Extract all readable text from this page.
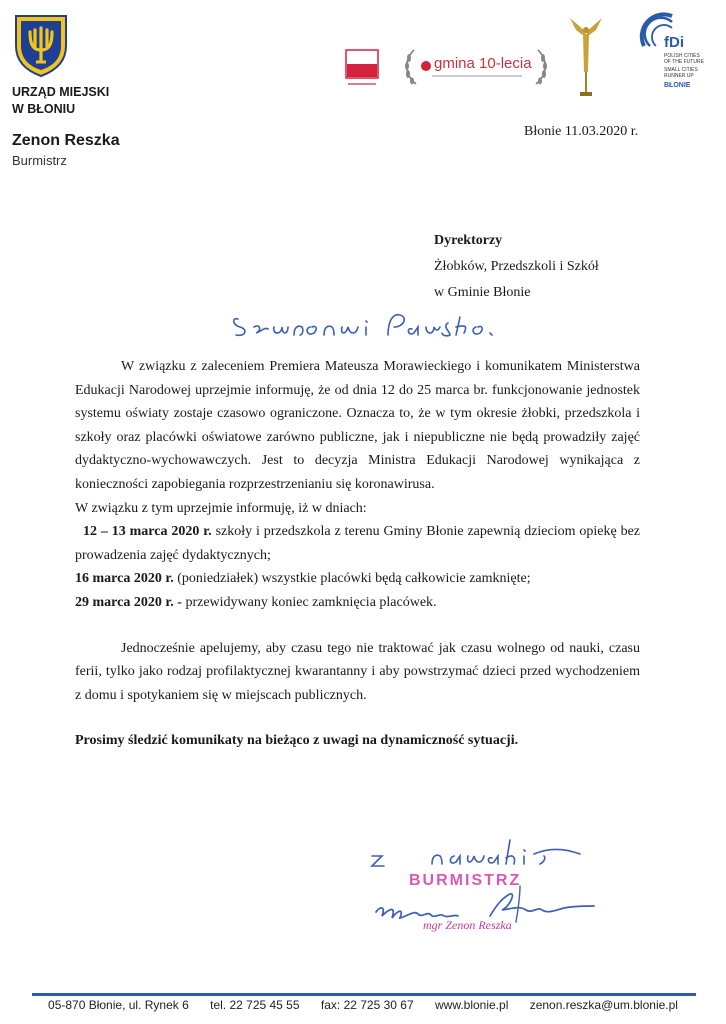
URZĄD MIEJSKI
W BŁONIU
Zenon Reszka
Burmistrz
gmina 10-lecia
fDi
POLISH CITIES
OF THE FUTURE
SMALL CITIES
RUNNER UP
BŁONIE
Błonie 11.03.2020 r.
Dyrektorzy
Żłobków, Przedszkoli i Szkół
w Gminie Błonie

W związku z zaleceniem Premiera Mateusza Morawieckiego i komunikatem Ministerstwa Edukacji Narodowej uprzejmie informuję, że od dnia 12 do 25 marca br. funkcjonowanie jednostek systemu oświaty zostaje czasowo ograniczone. Oznacza to, że w tym okresie żłobki, przedszkola i szkoły oraz placówki oświatowe zarówno publiczne, jak i niepubliczne nie będą prowadziły zajęć dydaktyczno-wychowawczych. Jest to decyzja Ministra Edukacji Narodowej wynikająca z konieczności zapobiegania rozprzestrzenianiu się koronawirusa.

W związku z tym uprzejmie informuję, iż w dniach:

12 – 13 marca 2020 r. szkoły i przedszkola z terenu Gminy Błonie zapewnią dzieciom opiekę bez prowadzenia zajęć dydaktycznych;

16 marca 2020 r. (poniedziałek) wszystkie placówki będą całkowicie zamknięte;

29 marca 2020 r. - przewidywany koniec zamknięcia placówek.

Jednocześnie apelujemy, aby czasu tego nie traktować jak czasu wolnego od nauki, czasu ferii, tylko jako rodzaj profilaktycznej kwarantanny i aby powstrzymać dzieci przed wychodzeniem z domu i spotykaniem się w miejscach publicznych.

Prosimy śledzić komunikaty na bieżąco z uwagi na dynamiczność sytuacji.

BURMISTRZ
mgr Zenon Reszka
05-870 Błonie, ul. Rynek 6 tel. 22 725 45 55 fax: 22 725 30 67 www.blonie.pl zenon.reszka@um.blonie.pl
